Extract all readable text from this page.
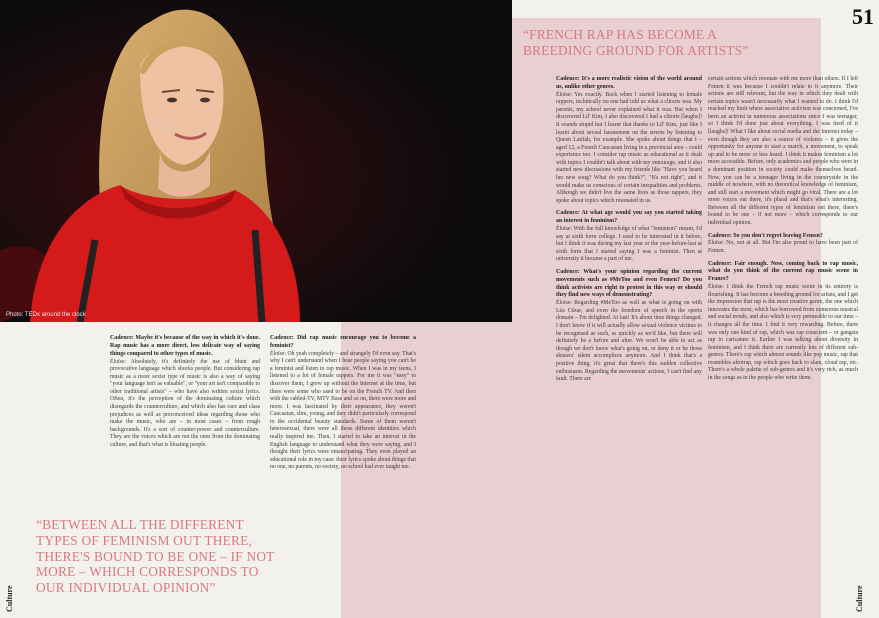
Photo: TEDx around the clock
51
“FRENCH RAP HAS BECOME A BREEDING GROUND FOR ARTISTS”
“BETWEEN ALL THE DIFFERENT TYPES OF FEMINISM OUT THERE, THERE'S BOUND TO BE ONE – IF NOT MORE – WHICH CORRESPONDS TO OUR INDIVIDUAL OPINION”
Cadence: Maybe it's because of the way in which it's done. Rap music has a more direct, less delicate way of saying things compared to other types of music.
Éloïse: Absolutely, it's definitely the use of blunt and provocative language which shocks people. But considering rap music as a more sexist type of music is also a way of saying "your language isn't as valuable", or "your art isn't comparable to other traditional artists" – who have also written sexist lyrics. Often, it's the perception of the dominating culture which disregards the counterculture, and which also has race and class prejudices as well as preconceived ideas regarding those who make the music, who are – in most cases – from rough backgrounds. It's a sort of counter-power and counterculture. They are the voices which are not the ones from the dominating culture, and that's what is bloating people.
Cadence: Did rap music encourage you to become a feminist?
Éloïse: Oh yeah completely – and strangely I'd even say. That's why I can't understand when I hear people saying you can't be a feminist and listen to rap music. When I was in my teens, I listened to a lot of female rappers. For me it was "easy" to discover them, I grew up without the Internet at the time, but there were some who used to be on the French TV. And then with the cabled-TV, MTV Base and so on, there were more and more. I was fascinated by their appearance, they weren't Caucasian, slim, young, and they didn't particularly correspond to the occidental beauty standards. Some of them weren't heterosexual, there were all these different identities which really inspired me. Then, I started to take an interest in the English language to understand what they were saying, and I thought their lyrics were emancipating. They even played an educational role in my case; their lyrics spoke about things that no one, no parents, no society, no school had ever taught me.
Cadence: It's a more realistic vision of the world around us, unlike other genres.
Éloïse: Yes exactly. Back when I started listening to female rappers, technically no one had told us what a clitoris was. My parents, my school never explained what it was. But when I discovered Lil' Kim, I also discovered I had a clitoris [laughs]! It sounds stupid but I learnt that thanks to Lil' Kim, just like I learnt about sexual harassment on the streets by listening to Queen Latifah, for example. She spoke about things that I – aged 12, a French Caucasian living in a provincial area – could experience too. I consider rap music as educational as it dealt with topics I couldn't talk about with my entourage, and it also started new discussions with my friends like "Have you heard her new song? What do you think?", "It's not right", and it would make us conscious of certain inequalities and problems. Although we didn't live the same lives as those rappers, they spoke about topics which resonated in us.
Cadence: At what age would you say you started taking an interest in feminism?
Éloïse: With the full knowledge of what "feminism" meant, I'd say at sixth form college. I used to be interested in it before, but I think it was during my last year or the year-before-last at sixth form that I started saying I was a feminist. Then at university it became a part of me.
Cadence: What's your opinion regarding the current movements such as #MeToo and even Femen? Do you think activists are right to protest in this way or should they find new ways of demonstrating?
Éloïse: Regarding #MeToo as well as what is going on with Léa Cézar, and even the freedom of speech in the sports domain – I'm delighted. At last! It's about time things changed. I don't know if it will actually allow sexual violence victims to be recognised as such, as quickly as we'd like, but there will definitely be a before and after. We won't be able to act as though we don't know what's going on, or deny it or be those abusers' silent accomplices anymore. And I think that's a positive thing, it's great that there's this sudden collective enthusiasm. Regarding the movements' actions, I can't find any fault. There are
certain actions which resonate with me more than others. If I left Femen it was because I couldn't relate to it anymore. Their actions are still relevant, but the way in which they dealt with certain topics wasn't necessarily what I wanted to do. I think I'd reached my limit where associative activism was concerned, I've been an activist in numerous associations since I was teenager, so I think I'd done just about everything. I was tired of it [laughs]! What I like about social media and the Internet today – even though they are also a source of violence – it gives the opportunity for anyone to start a march, a movement, to speak up and to be more or less heard. I think it makes feminism a lot more accessible. Before, only academics and people who were in a dominant position in society could make themselves heard. Now, you can be a teenager living in the countryside in the middle of nowhere, with no theoretical knowledge of feminism, and still start a movement which might go viral. There are a lot more voices out there, it's plural and that's what's interesting. Between all the different types of feminism out there, there's bound to be one – if not more – which corresponds to our individual opinion.
Cadence: So you don't regret leaving Femen?
Éloïse: No, not at all. But I'm also proud to have been part of Femen.
Cadence: Fair enough. Now, coming back to rap music, what do you think of the current rap music scene in France?
Éloïse: I think the French rap music scene in its entirety is flourishing. It has become a breeding ground for artists, and I get the impression that rap is the most creative genre, the one which innovates the most, which has borrowed from numerous musical and social trends, and also which is very permeable to our time – it changes all the time. I find it very rewarding. Before, there was only one kind of rap, which was rap conscient – or gangsta rap to caricature it. Earlier I was talking about diversity in feminism, and I think there are currently lots of different sub-genres. There's rap which almost sounds like pop music, rap that resembles afrotrap, rap which goes back to slam, cloud rap, etc. There's a whole palette of sub-genres and it's very rich, as much in the songs as in the people who write them.
Culture	Culture
